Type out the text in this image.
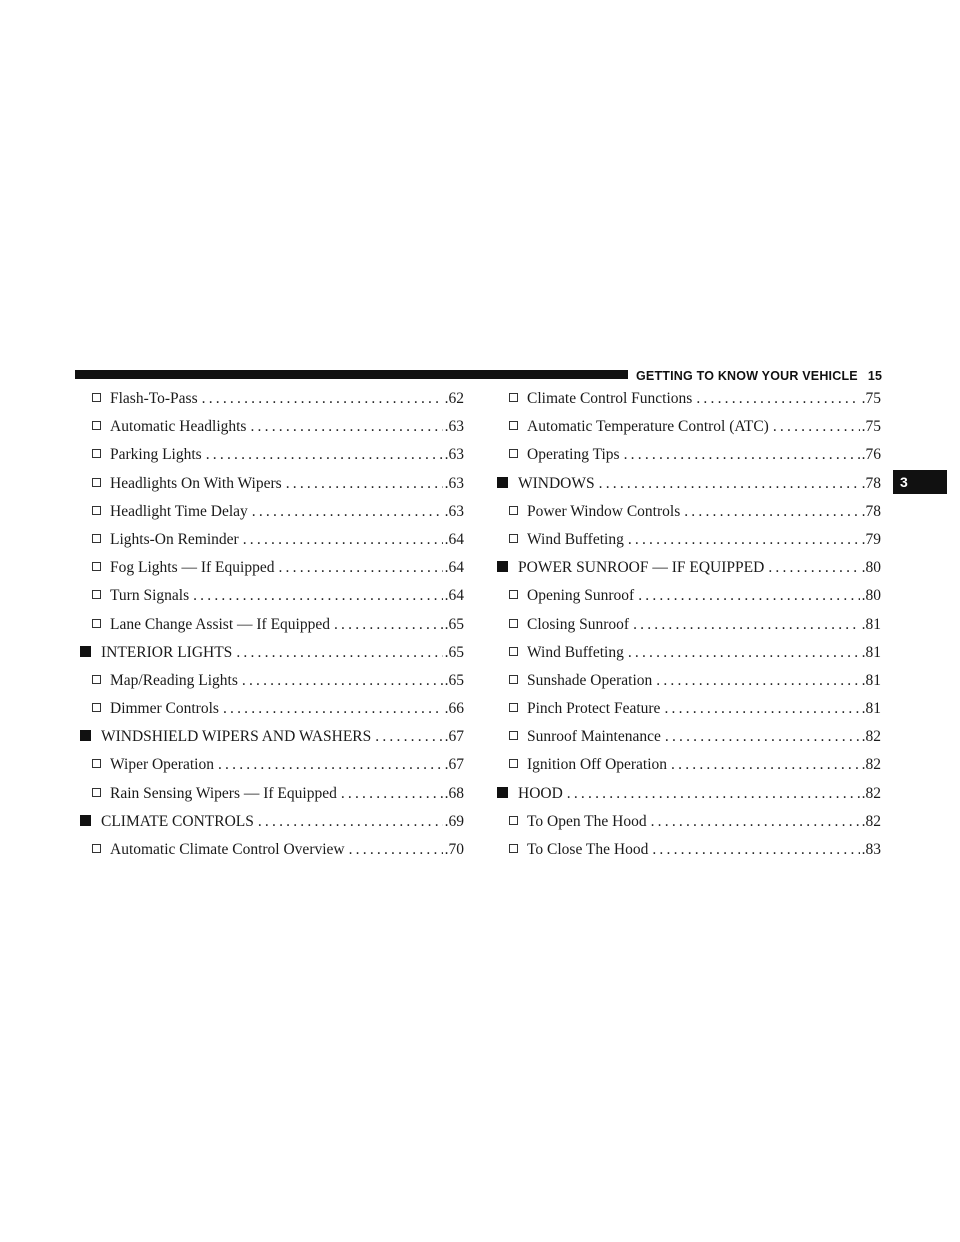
GETTING TO KNOW YOUR VEHICLE 15
3
Flash-To-Pass .....	.62
Automatic Headlights .....	.63
Parking Lights .....	.63
Headlights On With Wipers .....	.63
Headlight Time Delay .....	.63
Lights-On Reminder .....	.64
Fog Lights — If Equipped .....	.64
Turn Signals .....	.64
Lane Change Assist — If Equipped .....	.65
INTERIOR LIGHTS .....	.65
Map/Reading Lights .....	.65
Dimmer Controls .....	.66
WINDSHIELD WIPERS AND WASHERS .....	.67
Wiper Operation .....	.67
Rain Sensing Wipers — If Equipped .....	.68
CLIMATE CONTROLS .....	.69
Automatic Climate Control Overview .....	.70
Climate Control Functions .....	.75
Automatic Temperature Control (ATC) .....	.75
Operating Tips .....	.76
WINDOWS .....	.78
Power Window Controls .....	.78
Wind Buffeting .....	.79
POWER SUNROOF — IF EQUIPPED .....	.80
Opening Sunroof .....	.80
Closing Sunroof .....	.81
Wind Buffeting .....	.81
Sunshade Operation .....	.81
Pinch Protect Feature .....	.81
Sunroof Maintenance .....	.82
Ignition Off Operation .....	.82
HOOD .....	.82
To Open The Hood .....	.82
To Close The Hood .....	.83
